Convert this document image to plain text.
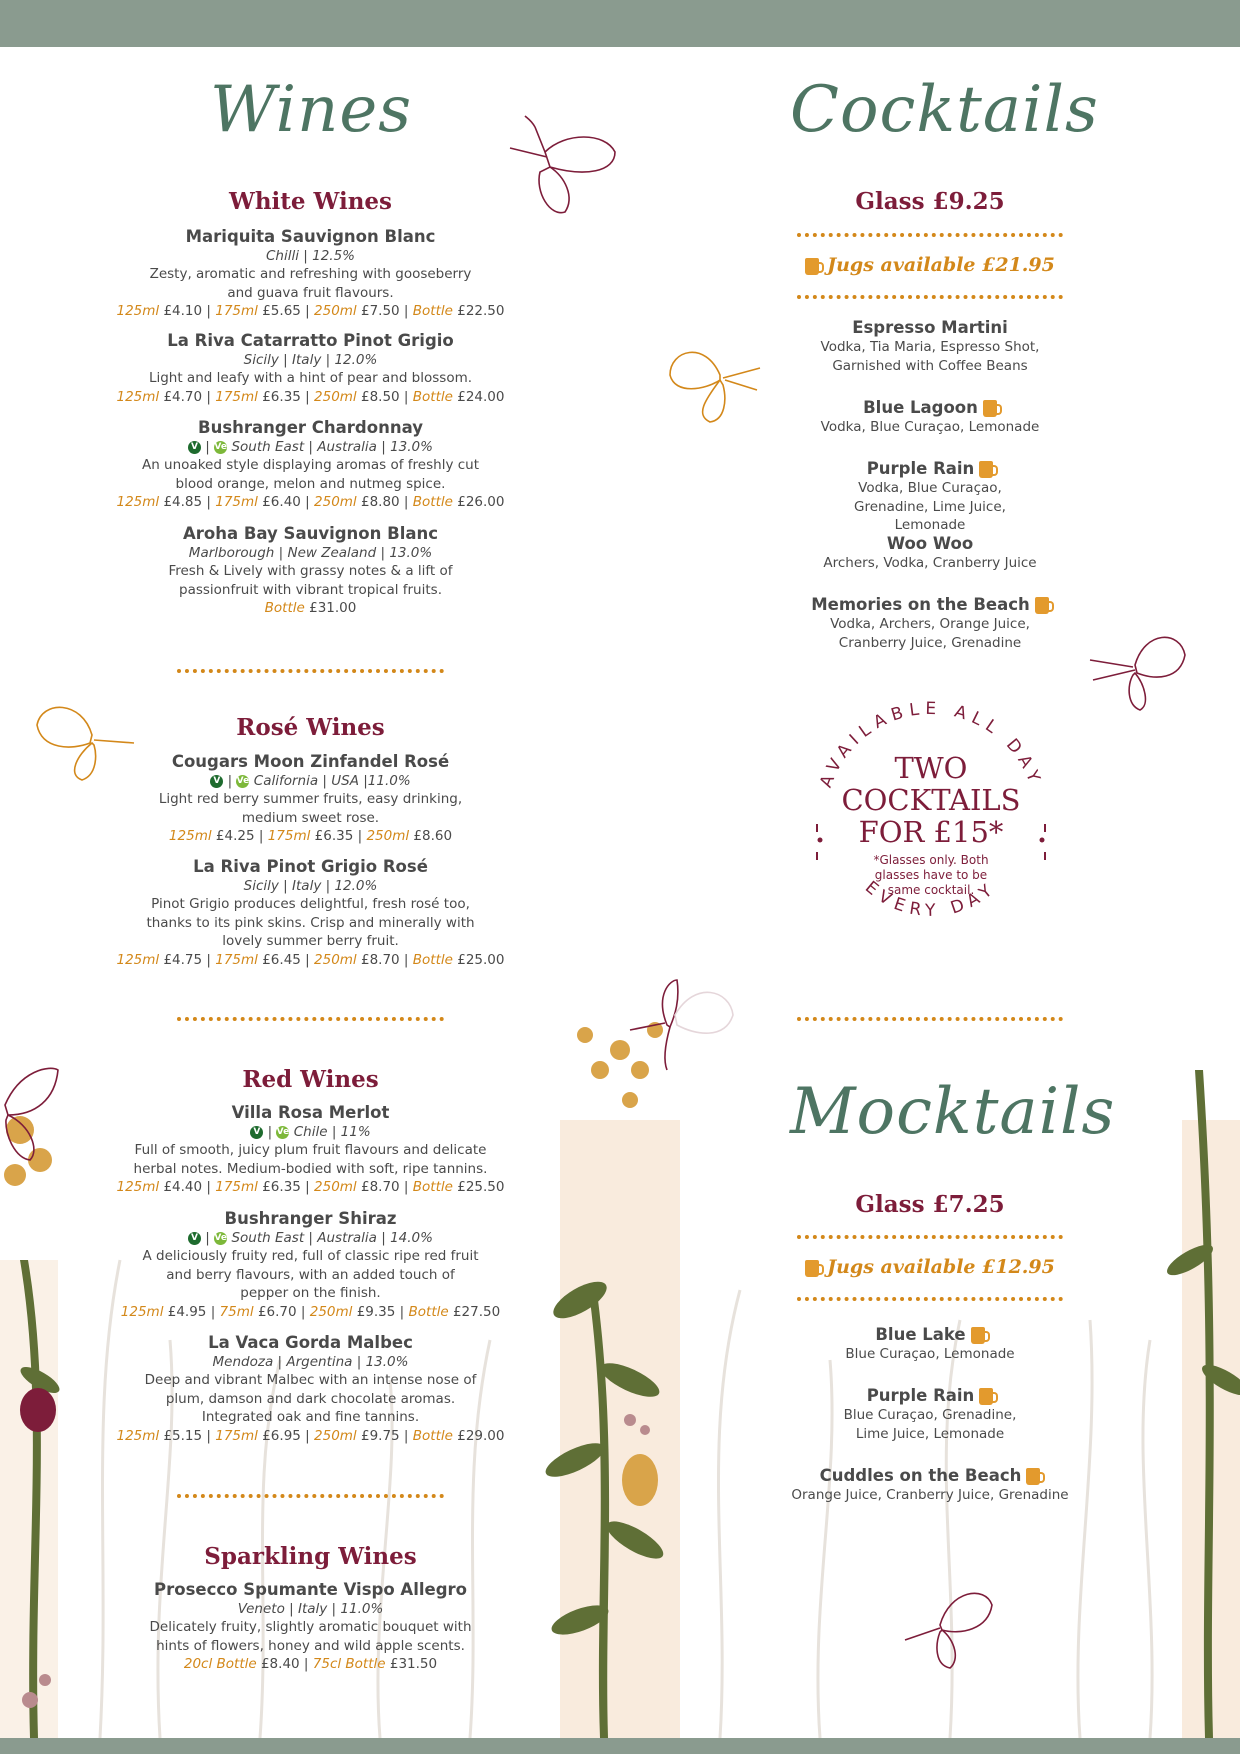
Wines
White Wines
Mariquita Sauvignon Blanc
Chilli | 12.5%
Zesty, aromatic and refreshing with gooseberry and guava fruit flavours.
125ml £4.10 | 175ml £5.65 | 250ml £7.50 | Bottle £22.50
La Riva Catarratto Pinot Grigio
Sicily | Italy | 12.0%
Light and leafy with a hint of pear and blossom.
125ml £4.70 | 175ml £6.35 | 250ml £8.50 | Bottle £24.00
Bushranger Chardonnay
V | Ve South East | Australia | 13.0%
An unoaked style displaying aromas of freshly cut blood orange, melon and nutmeg spice.
125ml £4.85 | 175ml £6.40 | 250ml £8.80 | Bottle £26.00
Aroha Bay Sauvignon Blanc
Marlborough | New Zealand | 13.0%
Fresh & Lively with grassy notes & a lift of passionfruit with vibrant tropical fruits.
Bottle £31.00
Rosé Wines
Cougars Moon Zinfandel Rosé
V | Ve California | USA |11.0%
Light red berry summer fruits, easy drinking, medium sweet rose.
125ml £4.25 | 175ml £6.35 | 250ml £8.60
La Riva Pinot Grigio Rosé
Sicily | Italy | 12.0%
Pinot Grigio produces delightful, fresh rosé too, thanks to its pink skins. Crisp and minerally with lovely summer berry fruit.
125ml £4.75 | 175ml £6.45 | 250ml £8.70 | Bottle £25.00
Red Wines
Villa Rosa Merlot
V | Ve Chile | 11%
Full of smooth, juicy plum fruit flavours and delicate herbal notes. Medium-bodied with soft, ripe tannins.
125ml £4.40 | 175ml £6.35 | 250ml £8.70 | Bottle £25.50
Bushranger Shiraz
V | Ve South East | Australia | 14.0%
A deliciously fruity red, full of classic ripe red fruit and berry flavours, with an added touch of pepper on the finish.
125ml £4.95 | 75ml £6.70 | 250ml £9.35 | Bottle £27.50
La Vaca Gorda Malbec
Mendoza | Argentina | 13.0%
Deep and vibrant Malbec with an intense nose of plum, damson and dark chocolate aromas. Integrated oak and fine tannins.
125ml £5.15 | 175ml £6.95 | 250ml £9.75 | Bottle £29.00
Sparkling Wines
Prosecco Spumante Vispo Allegro
Veneto | Italy | 11.0%
Delicately fruity, slightly aromatic bouquet with hints of flowers, honey and wild apple scents.
20cl Bottle £8.40 | 75cl Bottle £31.50
Cocktails
Glass £9.25
Jugs available £21.95
Espresso Martini
Vodka, Tia Maria, Espresso Shot, Garnished with Coffee Beans
Blue Lagoon
Vodka, Blue Curaçao, Lemonade
Purple Rain
Vodka, Blue Curaçao, Grenadine, Lime Juice, Lemonade
Woo Woo
Archers, Vodka, Cranberry Juice
Memories on the Beach
Vodka, Archers, Orange Juice, Cranberry Juice, Grenadine
AVAILABLE ALL DAY
EVERY DAY
TWO
COCKTAILS
FOR £15*
*Glasses only. Both
glasses have to be
same cocktail.
Mocktails
Glass £7.25
Jugs available £12.95
Blue Lake
Blue Curaçao, Lemonade
Purple Rain
Blue Curaçao, Grenadine, Lime Juice, Lemonade
Cuddles on the Beach
Orange Juice, Cranberry Juice, Grenadine
